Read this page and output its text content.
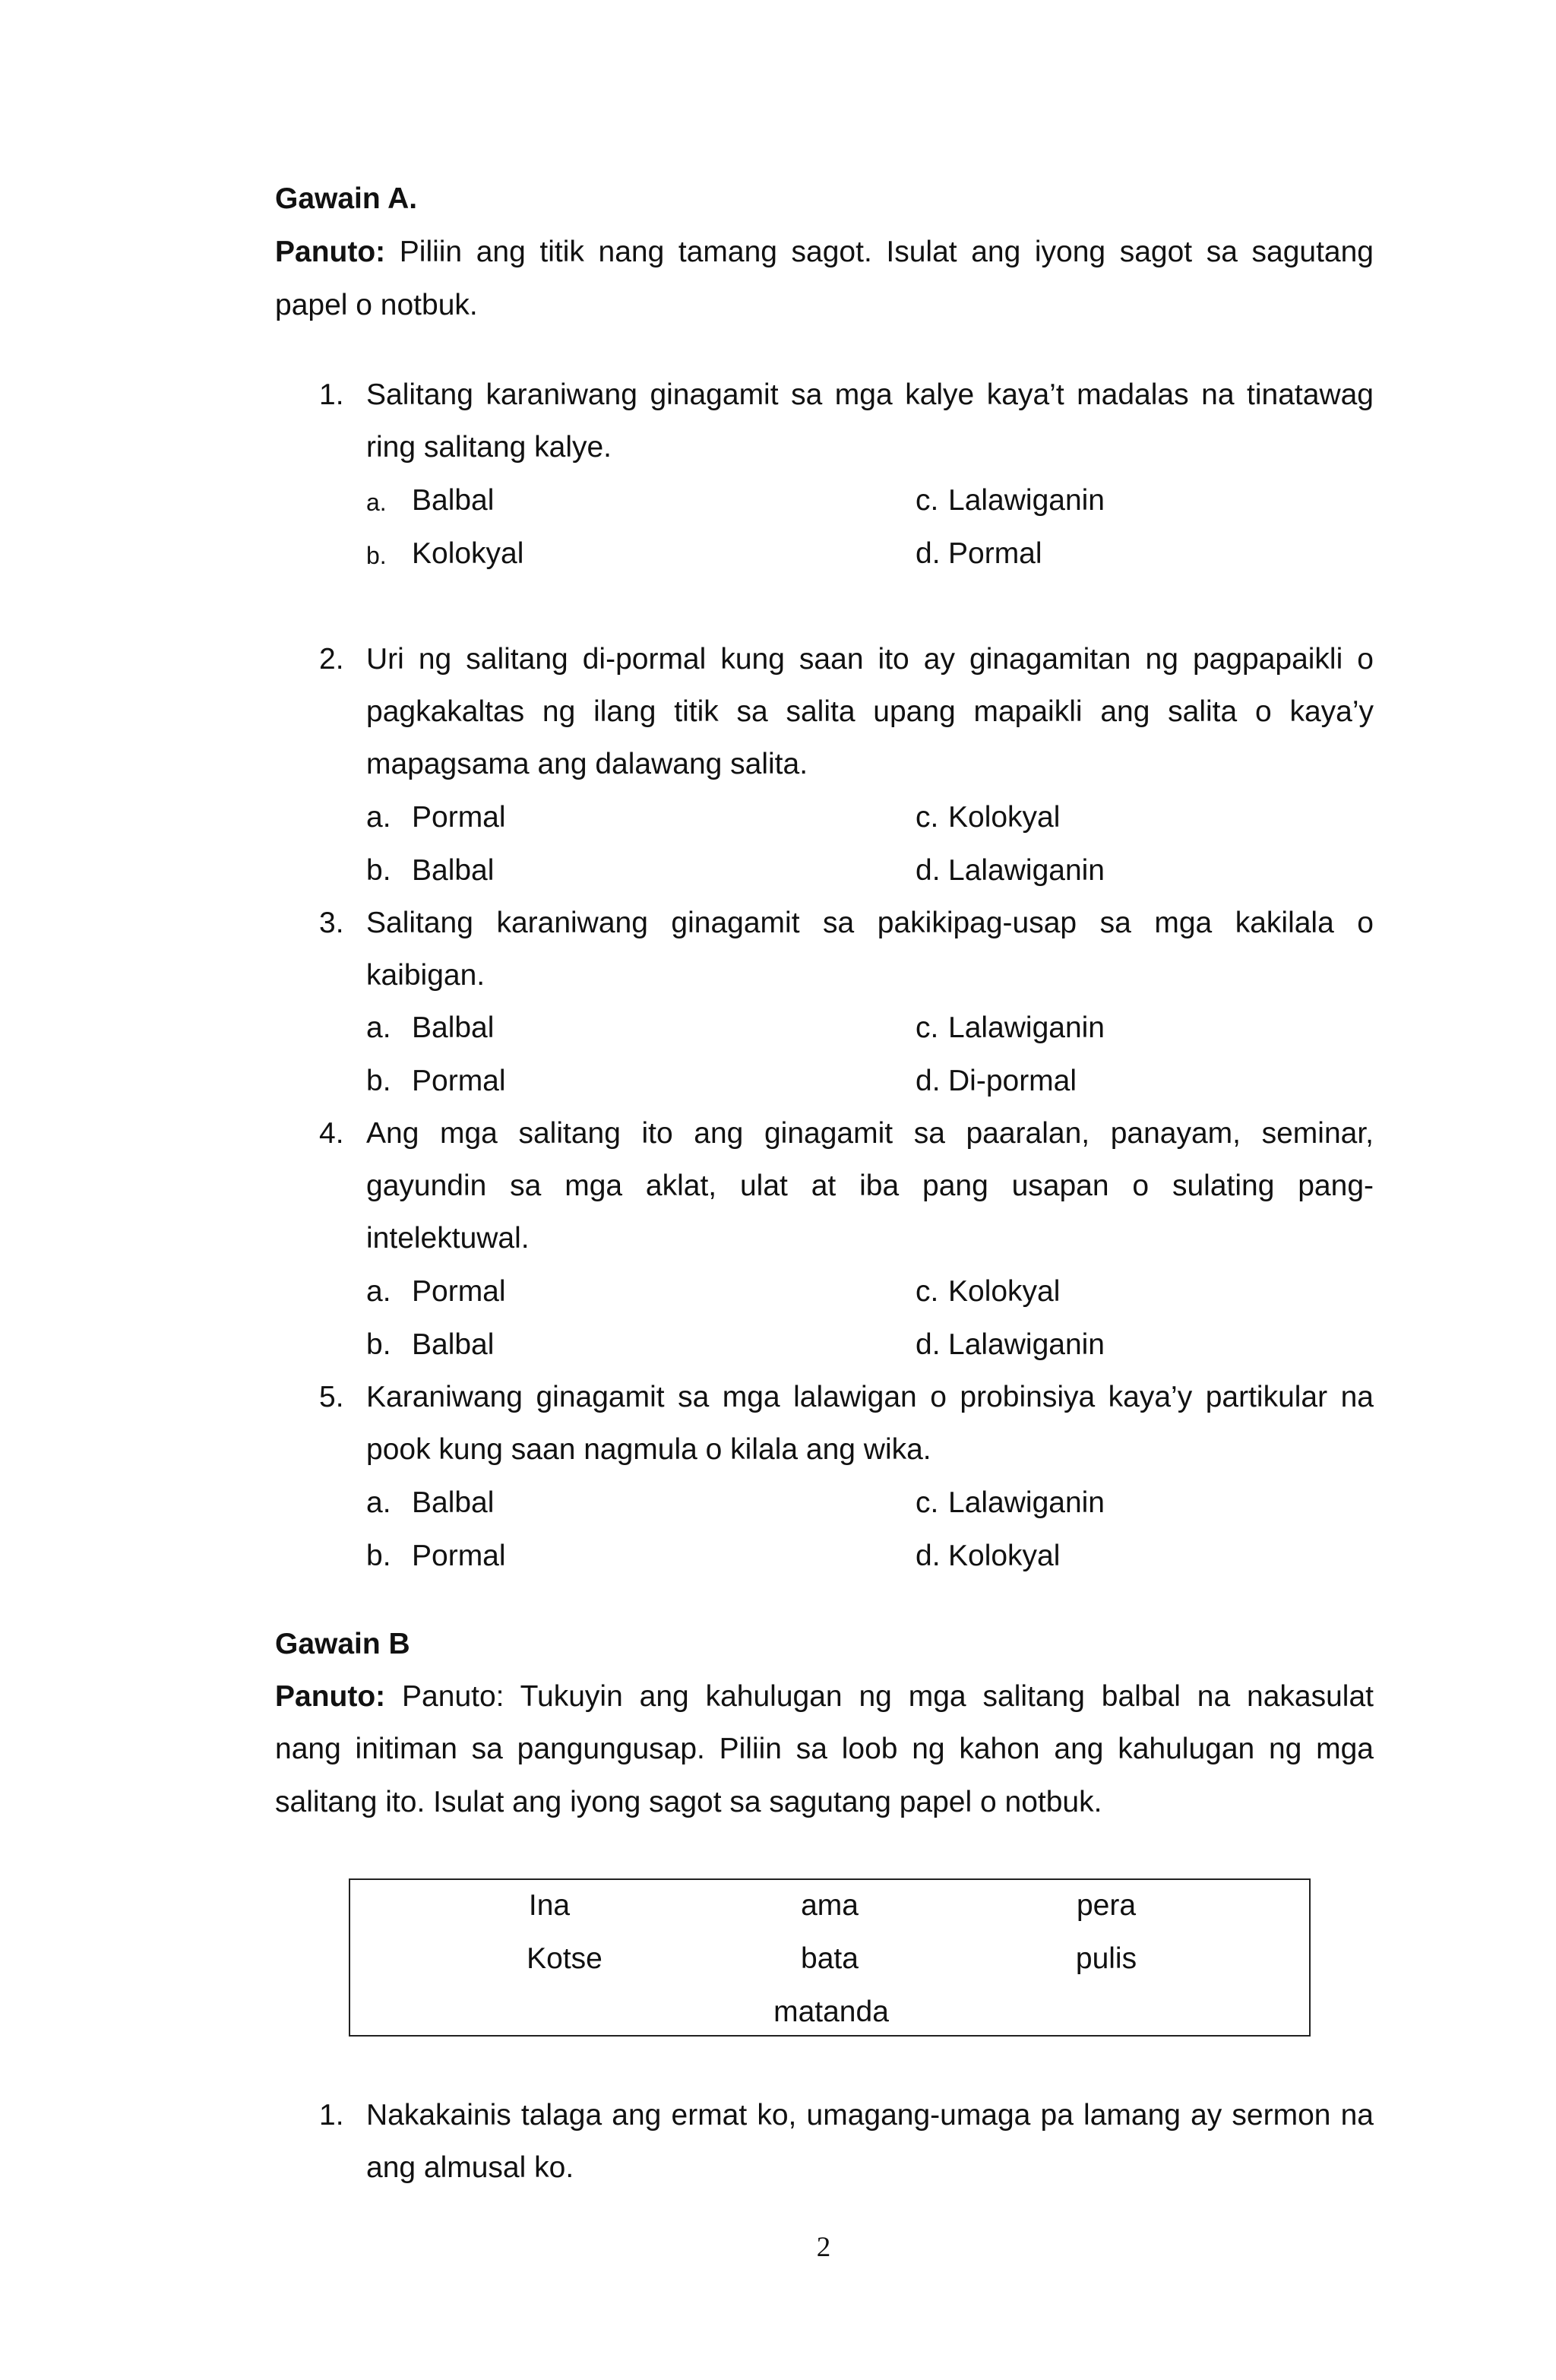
Gawain A.
Panuto: Piliin ang titik nang tamang sagot. Isulat ang iyong sagot sa sagutang
papel o notbuk.
1. Salitang karaniwang ginagamit sa mga kalye kaya’t madalas na tinatawag
ring salitang kalye.
a. Balbal
b. Kolokyal
c. Lalawiganin
d. Pormal
2. Uri ng salitang di-pormal kung saan ito ay ginagamitan ng pagpapaikli o
pagkakaltas ng ilang titik sa salita upang mapaikli ang salita o kaya’y
mapagsama ang dalawang salita.
a. Pormal
b. Balbal
c. Kolokyal
d. Lalawiganin
3. Salitang karaniwang ginagamit sa pakikipag-usap sa mga kakilala o
kaibigan.
a. Balbal
b. Pormal
c. Lalawiganin
d. Di-pormal
4. Ang mga salitang ito ang ginagamit sa paaralan, panayam, seminar,
gayundin sa mga aklat, ulat at iba pang usapan o sulating pang-
intelektuwal.
a. Pormal
b. Balbal
c. Kolokyal
d. Lalawiganin
5. Karaniwang ginagamit sa mga lalawigan o probinsiya kaya’y partikular na
pook kung saan nagmula o kilala ang wika.
a. Balbal
b. Pormal
c. Lalawiganin
d. Kolokyal
Gawain B
Panuto: Panuto: Tukuyin ang kahulugan ng mga salitang balbal na nakasulat
nang initiman sa pangungusap. Piliin sa loob ng kahon ang kahulugan ng mga
salitang ito. Isulat ang iyong sagot sa sagutang papel o notbuk.
Ina	ama	pera
Kotse	bata	pulis
matanda
1. Nakakainis talaga ang ermat ko, umagang-umaga pa lamang ay sermon na
ang almusal ko.
2
